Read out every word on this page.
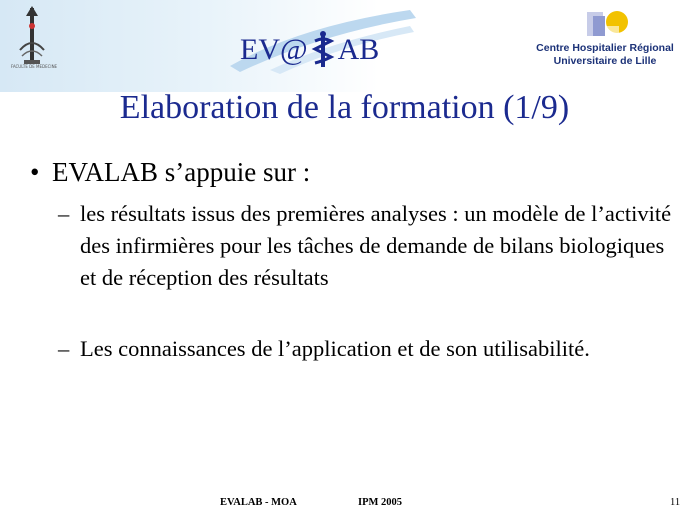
FACULTE DE MEDECINE
EV@ AB	Centre Hospitalier Régional
Universitaire de Lille
Elaboration de la formation (1/9)
• EVALAB s’appuie sur :
– les résultats issus des premières analyses : un modèle de l’activité des infirmières pour les tâches de demande de bilans biologiques et de réception des résultats
– Les connaissances de l’application et de son utilisabilité.
EVALAB - MOA	IPM 2005	11
